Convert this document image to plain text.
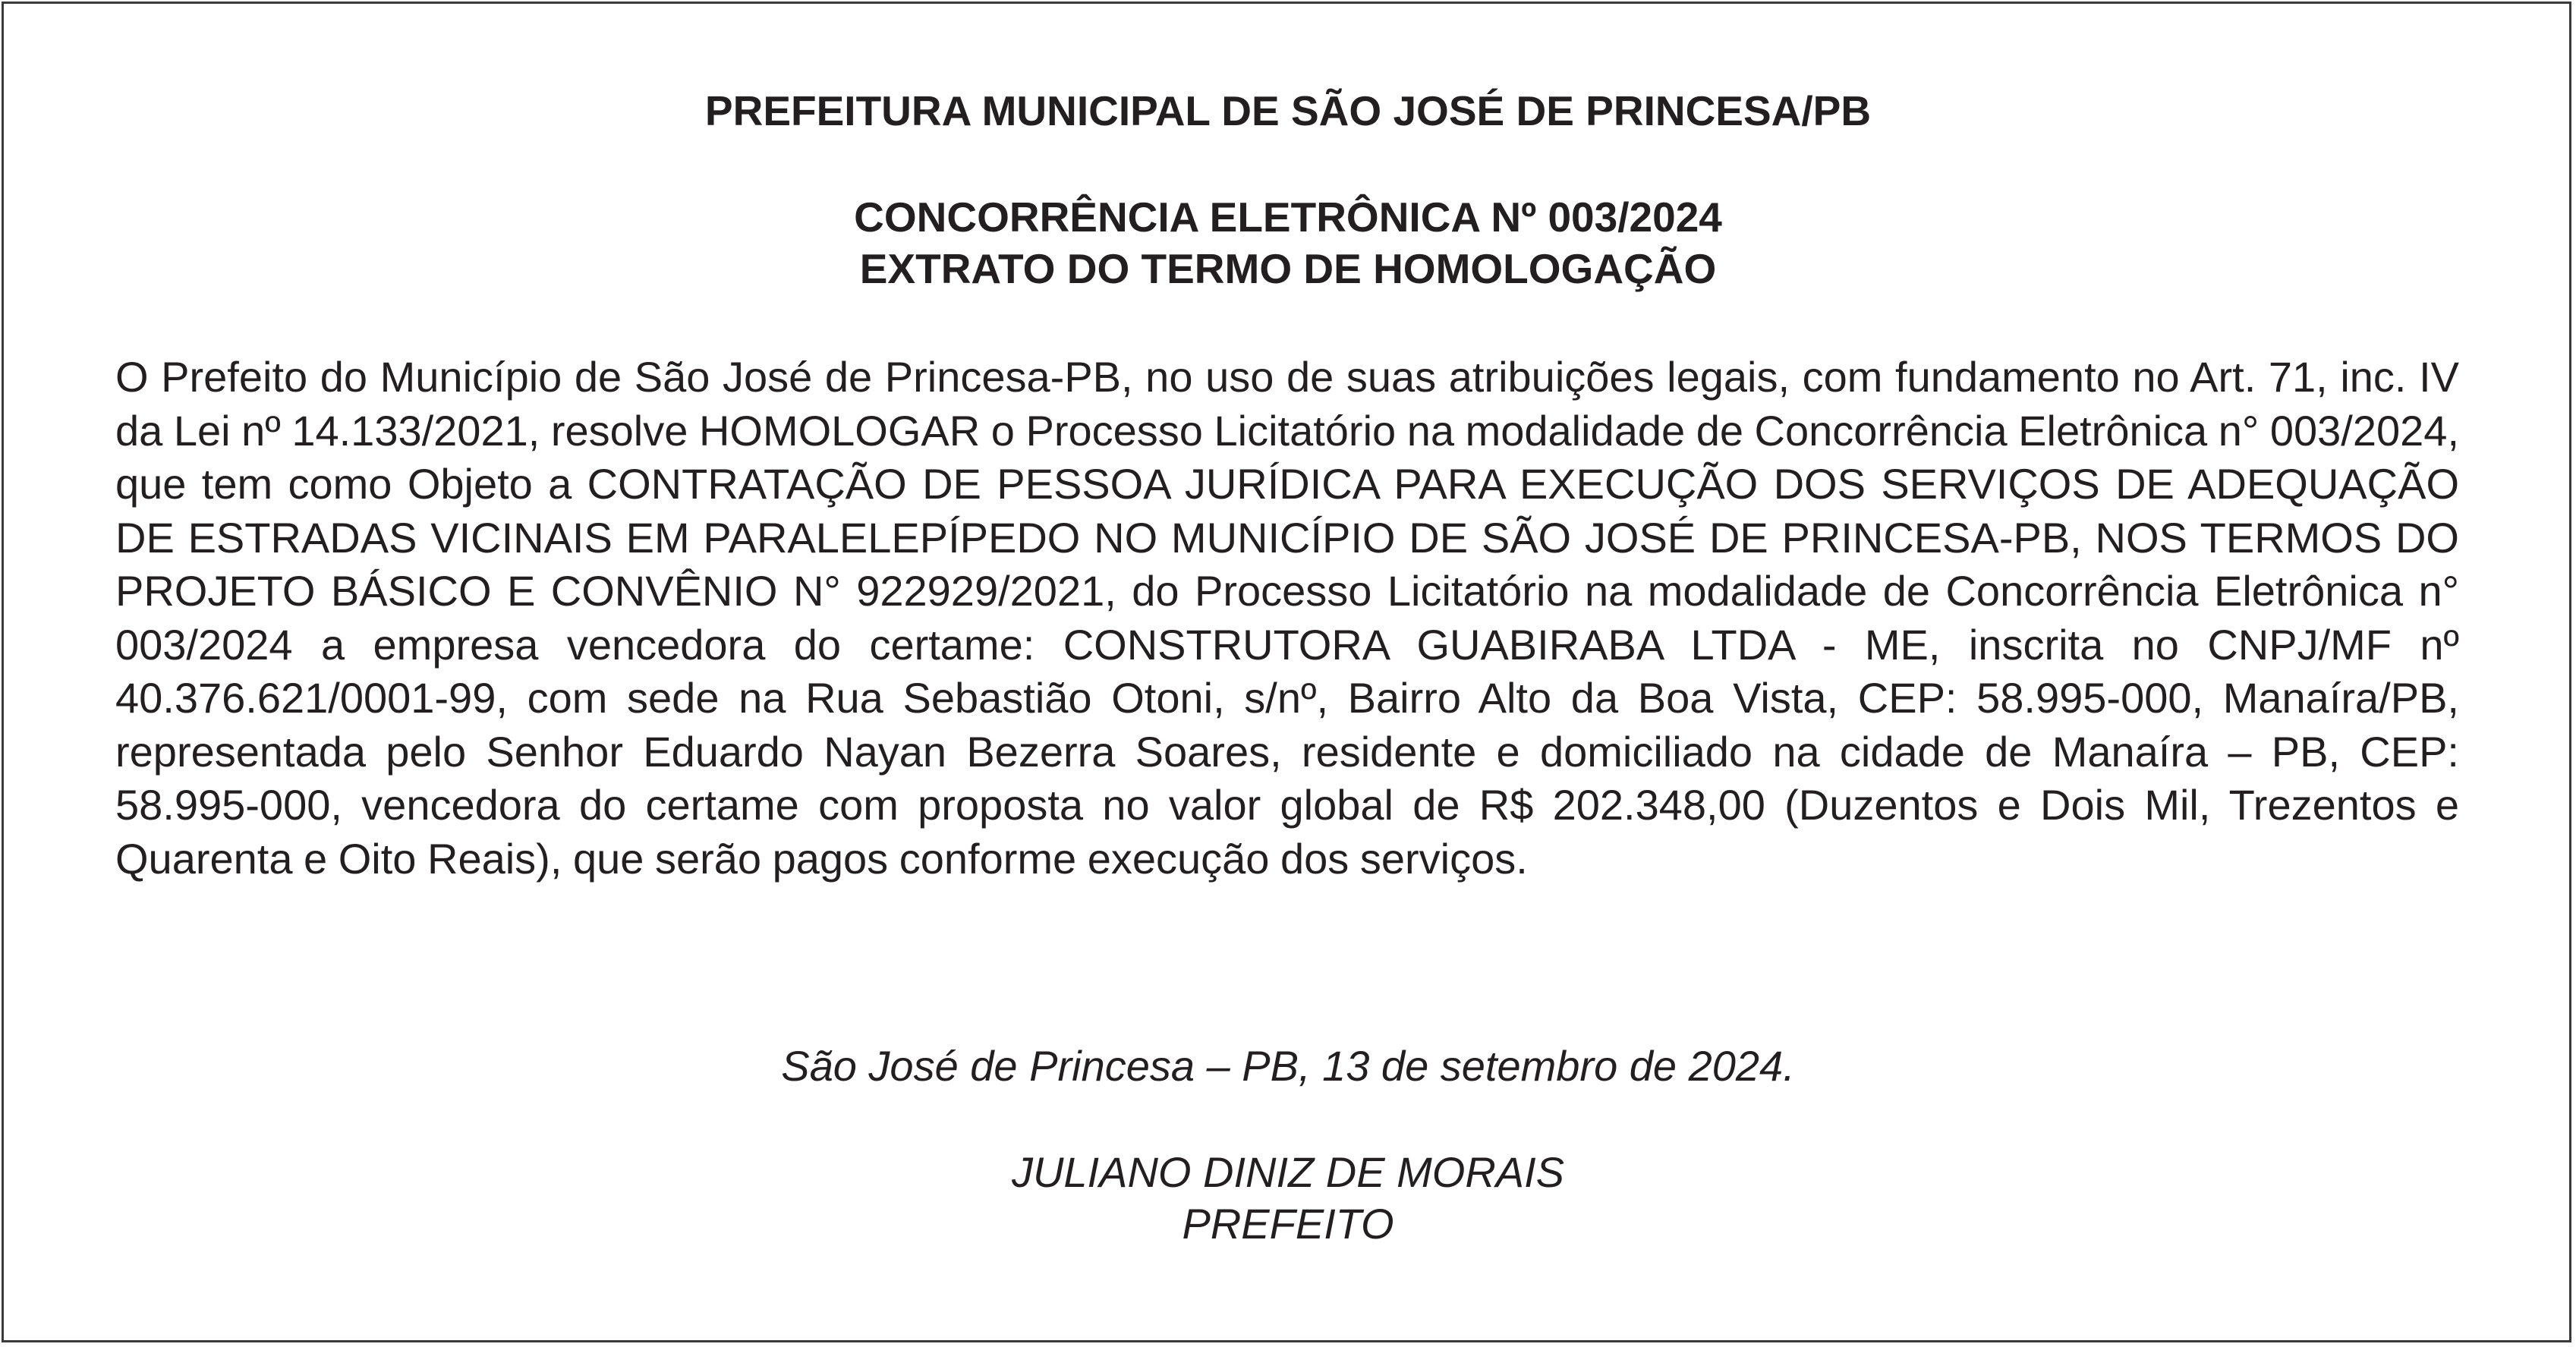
PREFEITURA MUNICIPAL DE SÃO JOSÉ DE PRINCESA/PB
CONCORRÊNCIA ELETRÔNICA Nº 003/2024
EXTRATO DO TERMO DE HOMOLOGAÇÃO
O Prefeito do Município de São José de Princesa-PB, no uso de suas atribuições legais, com fundamento no Art. 71, inc. IV da Lei nº 14.133/2021, resolve HOMOLOGAR o Processo Licitatório na modalidade de Concorrência Eletrônica n° 003/2024, que tem como Objeto a CONTRATAÇÃO DE PESSOA JURÍDICA PARA EXECUÇÃO DOS SERVIÇOS DE ADEQUAÇÃO DE ESTRADAS VICINAIS EM PARALELEPÍPEDO NO MUNICÍPIO DE SÃO JOSÉ DE PRINCESA-PB, NOS TERMOS DO PROJETO BÁSICO E CONVÊNIO N° 922929/2021, do Processo Licitatório na modalidade de Concorrência Eletrônica n° 003/2024 a empresa vencedora do certame: CONSTRUTORA GUABIRABA LTDA - ME, inscrita no CNPJ/MF nº 40.376.621/0001-99, com sede na Rua Sebastião Otoni, s/nº, Bairro Alto da Boa Vista, CEP: 58.995-000, Manaíra/PB, representada pelo Senhor Eduardo Nayan Bezerra Soares, residente e domiciliado na cidade de Manaíra – PB, CEP: 58.995-000, vencedora do certame com proposta no valor global de R$ 202.348,00 (Duzentos e Dois Mil, Trezentos e Quarenta e Oito Reais), que serão pagos conforme execução dos serviços.
São José de Princesa – PB, 13 de setembro de 2024.
JULIANO DINIZ DE MORAIS
PREFEITO
